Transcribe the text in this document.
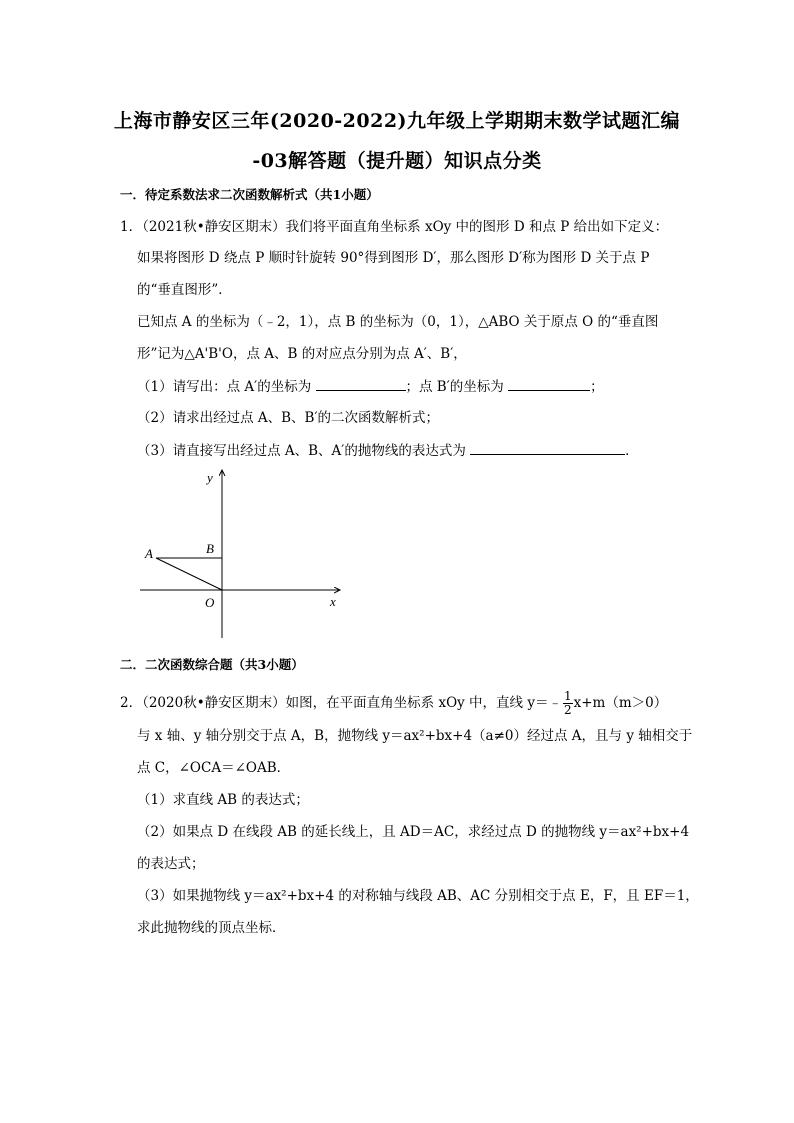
上海市静安区三年(2020-2022)九年级上学期期末数学试题汇编
-03解答题（提升题）知识点分类
一．待定系数法求二次函数解析式（共1小题）
1．（2021秋•静安区期末）我们将平面直角坐标系 xOy 中的图形 D 和点 P 给出如下定义：
如果将图形 D 绕点 P 顺时针旋转 90°得到图形 D′，那么图形 D′称为图形 D 关于点 P
的“垂直图形”．
已知点 A 的坐标为（﹣2，1），点 B 的坐标为（0，1），△ABO 关于原点 O 的“垂直图
形”记为△A'B'O，点 A、B 的对应点分别为点 A′、B′，
（1）请写出：点 A′的坐标为	；点 B′的坐标为	；
（2）请求出经过点 A、B、B′的二次函数解析式；
（3）请直接写出经过点 A、B、A′的抛物线的表达式为	．
y
x
A	B
O
二．二次函数综合题（共3小题）
2．（2020秋•静安区期末）如图，在平面直角坐标系 xOy 中，直线 y＝﹣ $\frac{1}{2} x+m(m>0)$
与 x 轴、y 轴分别交于点 A，B，抛物线 y＝ax²+bx+4（a≠0）经过点 A，且与 y 轴相交于
点 C，∠OCA＝∠OAB．
（1）求直线 AB 的表达式；
（2）如果点 D 在线段 AB 的延长线上，且 AD＝AC，求经过点 D 的抛物线 y＝ax²+bx+4
的表达式；
（3）如果抛物线 y＝ax²+bx+4 的对称轴与线段 AB、AC 分别相交于点 E，F，且 EF＝1，
求此抛物线的顶点坐标．
